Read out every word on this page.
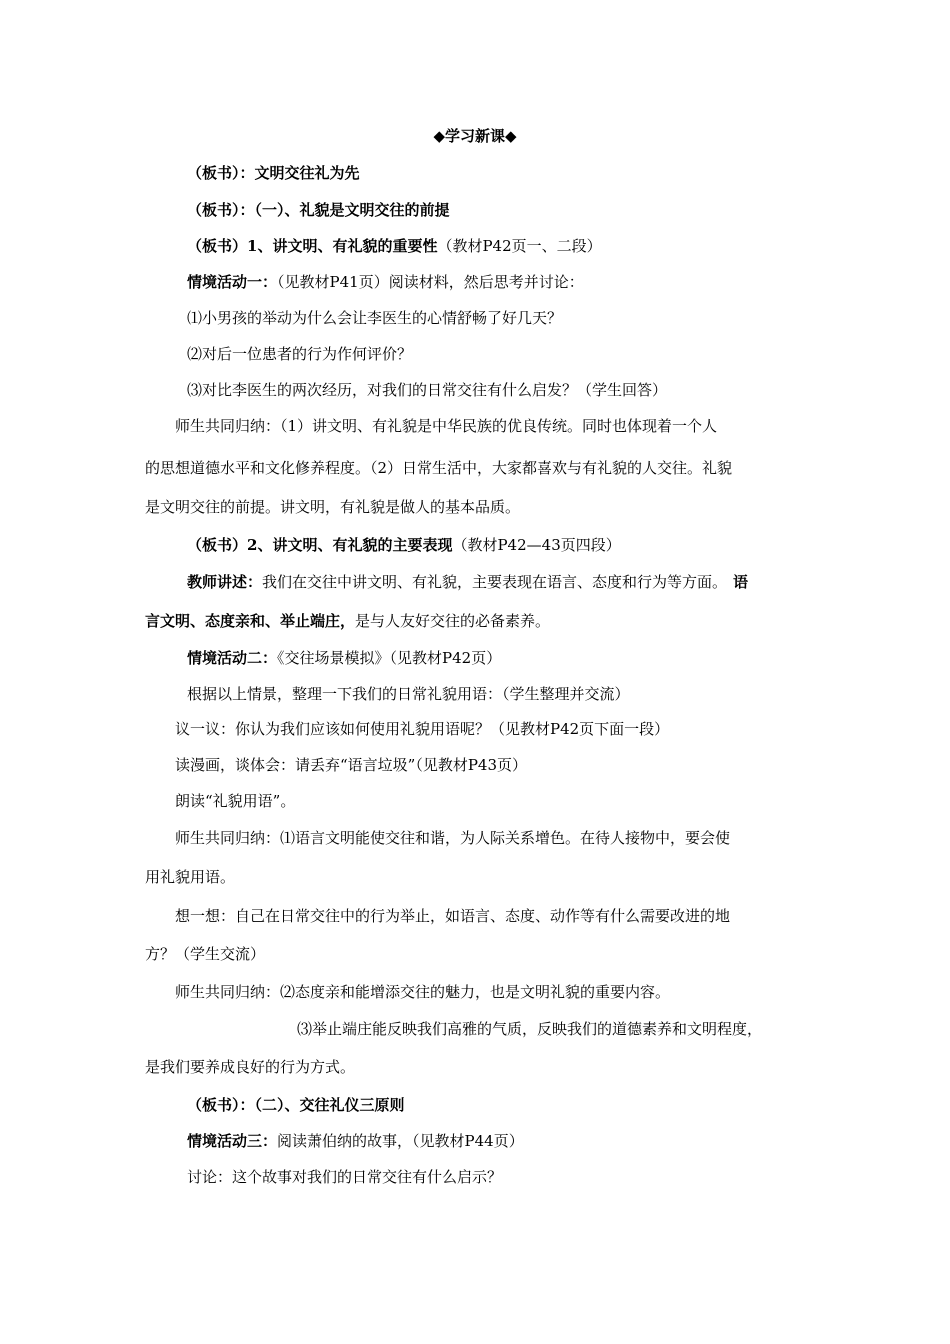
◆学习新课◆
（板书）：文明交往礼为先
（板书）：（一）、礼貌是文明交往的前提
（板书）1、讲文明、有礼貌的重要性（教材P42页一、二段）
情境活动一：（见教材P41页）阅读材料，然后思考并讨论：
⑴小男孩的举动为什么会让李医生的心情舒畅了好几天？
⑵对后一位患者的行为作何评价？
⑶对比李医生的两次经历，对我们的日常交往有什么启发？（学生回答）
师生共同归纳：（1）讲文明、有礼貌是中华民族的优良传统。同时也体现着一个人
的思想道德水平和文化修养程度。（2）日常生活中，大家都喜欢与有礼貌的人交往。礼貌
是文明交往的前提。讲文明，有礼貌是做人的基本品质。
（板书）2、讲文明、有礼貌的主要表现（教材P42—43页四段）
教师讲述：我们在交往中讲文明、有礼貌，主要表现在语言、态度和行为等方面。 语
言文明、态度亲和、举止端庄，是与人友好交往的必备素养。
情境活动二：《交往场景模拟》（见教材P42页）
根据以上情景，整理一下我们的日常礼貌用语：（学生整理并交流）
议一议：你认为我们应该如何使用礼貌用语呢？（见教材P42页下面一段）
读漫画，谈体会：请丢弃“语言垃圾”（见教材P43页）
朗读“礼貌用语”。
师生共同归纳：⑴语言文明能使交往和谐，为人际关系增色。在待人接物中，要会使
用礼貌用语。
想一想：自己在日常交往中的行为举止，如语言、态度、动作等有什么需要改进的地
方？（学生交流）
师生共同归纳：⑵态度亲和能增添交往的魅力，也是文明礼貌的重要内容。
⑶举止端庄能反映我们高雅的气质，反映我们的道德素养和文明程度，
是我们要养成良好的行为方式。
（板书）：（二）、交往礼仪三原则
情境活动三：阅读萧伯纳的故事，（见教材P44页）
讨论：这个故事对我们的日常交往有什么启示？
